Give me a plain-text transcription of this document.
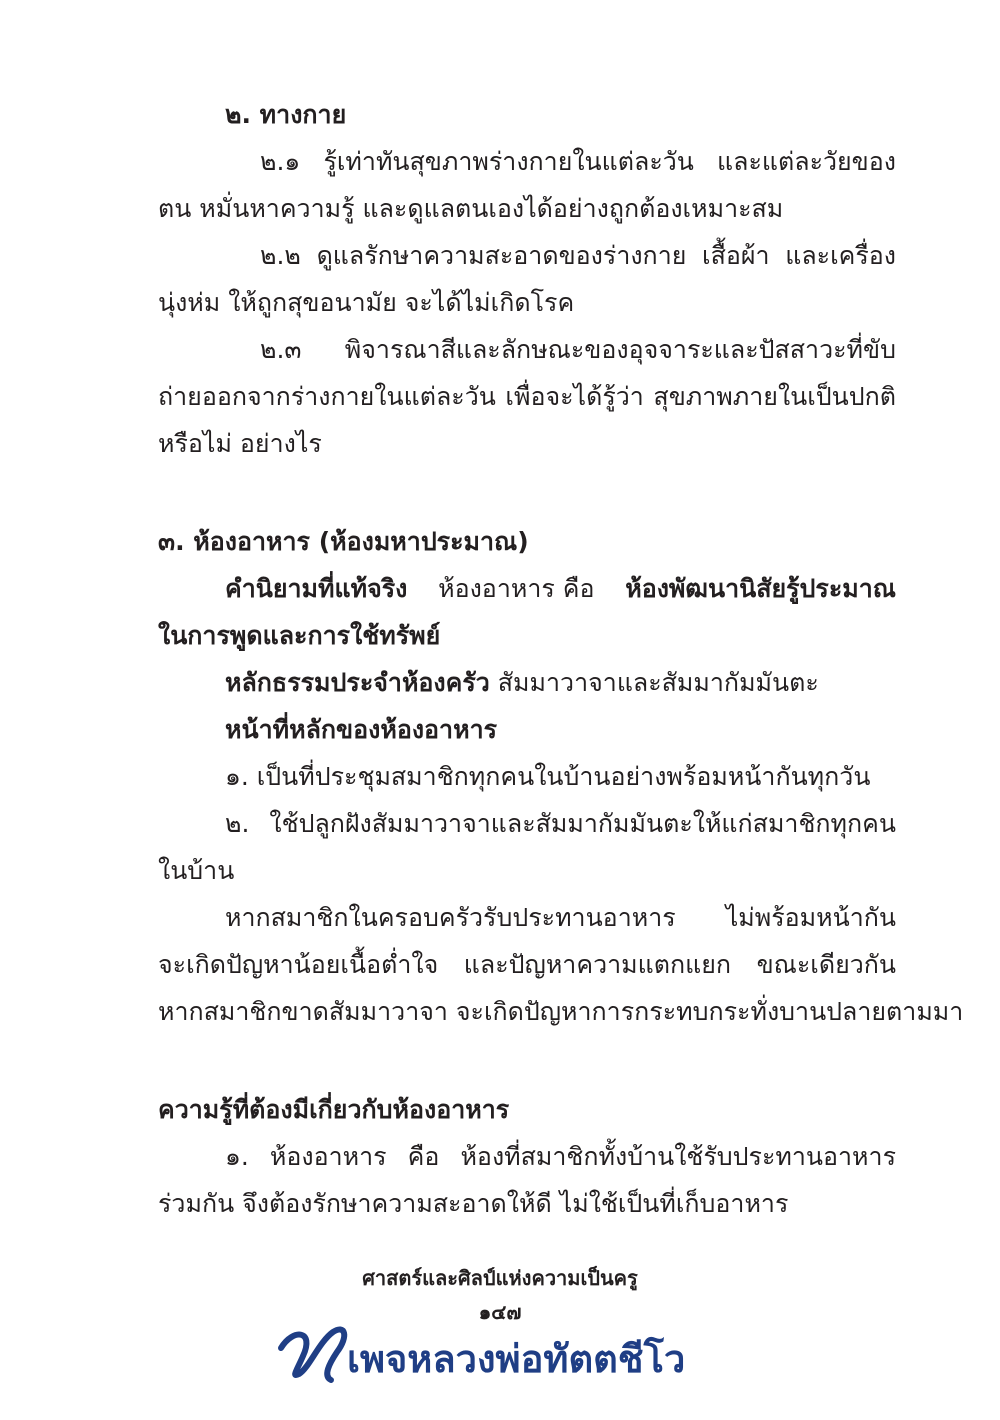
๒. ทางกาย
๒.๑ รู้เท่าทันสุขภาพร่างกายในแต่ละวัน และแต่ละวัยของ
ตน หมั่นหาความรู้ และดูแลตนเองได้อย่างถูกต้องเหมาะสม
๒.๒ ดูแลรักษาความสะอาดของร่างกาย เสื้อผ้า และเครื่อง
นุ่งห่ม ให้ถูกสุขอนามัย จะได้ไม่เกิดโรค
๒.๓ พิจารณาสีและลักษณะของอุจจาระและปัสสาวะที่ขับ
ถ่ายออกจากร่างกายในแต่ละวัน เพื่อจะได้รู้ว่า สุขภาพภายในเป็นปกติ
หรือไม่ อย่างไร
๓. ห้องอาหาร (ห้องมหาประมาณ)
คำนิยามที่แท้จริง ห้องอาหาร คือ ห้องพัฒนานิสัยรู้ประมาณ
ในการพูดและการใช้ทรัพย์
หลักธรรมประจำห้องครัว สัมมาวาจาและสัมมากัมมันตะ
หน้าที่หลักของห้องอาหาร
๑. เป็นที่ประชุมสมาชิกทุกคนในบ้านอย่างพร้อมหน้ากันทุกวัน
๒. ใช้ปลูกฝังสัมมาวาจาและสัมมากัมมันตะให้แก่สมาชิกทุกคน
ในบ้าน
หากสมาชิกในครอบครัวรับประทานอาหาร ไม่พร้อมหน้ากัน
จะเกิดปัญหาน้อยเนื้อต่ำใจ และปัญหาความแตกแยก ขณะเดียวกัน
หากสมาชิกขาดสัมมาวาจา จะเกิดปัญหาการกระทบกระทั่งบานปลายตามมา
ความรู้ที่ต้องมีเกี่ยวกับห้องอาหาร
๑. ห้องอาหาร คือ ห้องที่สมาชิกทั้งบ้านใช้รับประทานอาหาร
ร่วมกัน จึงต้องรักษาความสะอาดให้ดี ไม่ใช้เป็นที่เก็บอาหาร
ศาสตร์และศิลป์แห่งความเป็นครู
๑๔๗
เพจหลวงพ่อทัตตชีโว
